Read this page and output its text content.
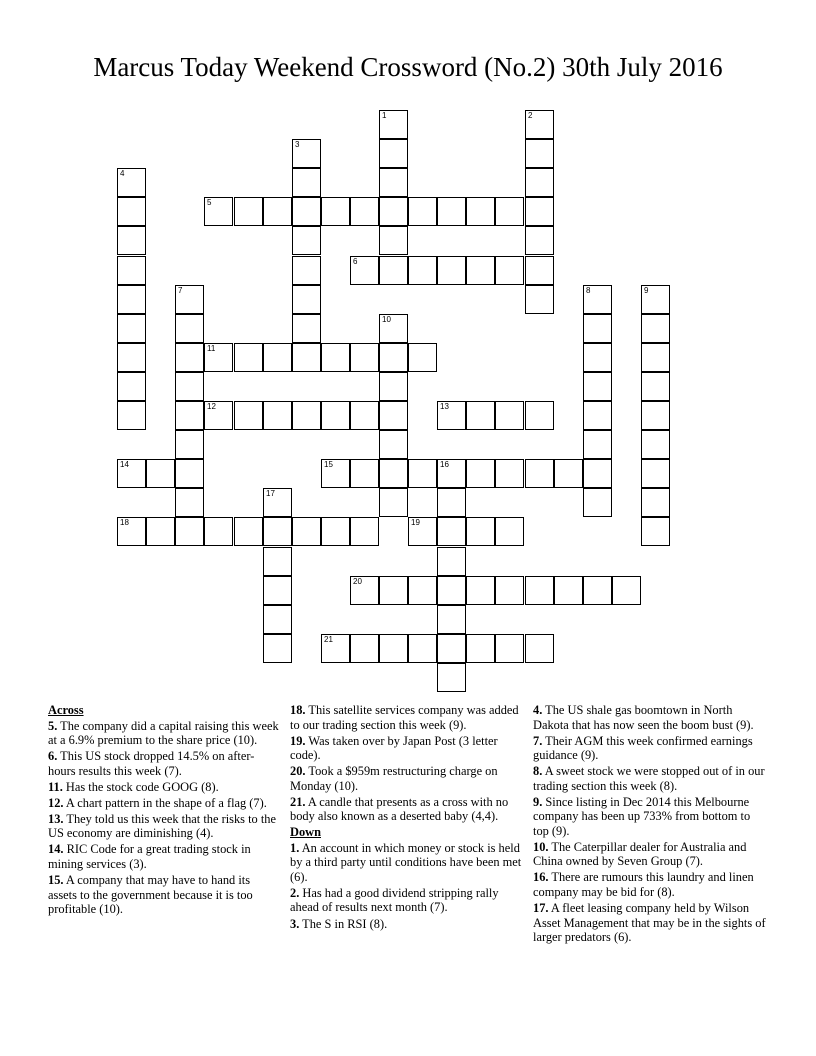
Marcus Today Weekend Crossword (No.2) 30th July 2016
1	2
3
4
5
6
7	8	9
10
11
12	13
14	15	16
17
18	19
20
21
Across
5. The company did a capital raising this week at a 6.9% premium to the share price (10).
6. This US stock dropped 14.5% on after-hours results this week (7).
11. Has the stock code GOOG (8).
12. A chart pattern in the shape of a flag (7).
13. They told us this week that the risks to the US economy are diminishing (4).
14. RIC Code for a great trading stock in mining services (3).
15. A company that may have to hand its assets to the government because it is too profitable (10).
18. This satellite services company was added to our trading section this week (9).
19. Was taken over by Japan Post (3 letter code).
20. Took a $959m restructuring charge on Monday (10).
21. A candle that presents as a cross with no body also known as a deserted baby (4,4).
Down
1. An account in which money or stock is held by a third party until conditions have been met (6).
2. Has had a good dividend stripping rally ahead of results next month (7).
3. The S in RSI (8).
4. The US shale gas boomtown in North Dakota that has now seen the boom bust (9).
7. Their AGM this week confirmed earnings guidance (9).
8. A sweet stock we were stopped out of in our trading section this week (8).
9. Since listing in Dec 2014 this Melbourne company has been up 733% from bottom to top (9).
10. The Caterpillar dealer for Australia and China owned by Seven Group (7).
16. There are rumours this laundry and linen company may be bid for (8).
17. A fleet leasing company held by Wilson Asset Management that may be in the sights of larger predators (6).
